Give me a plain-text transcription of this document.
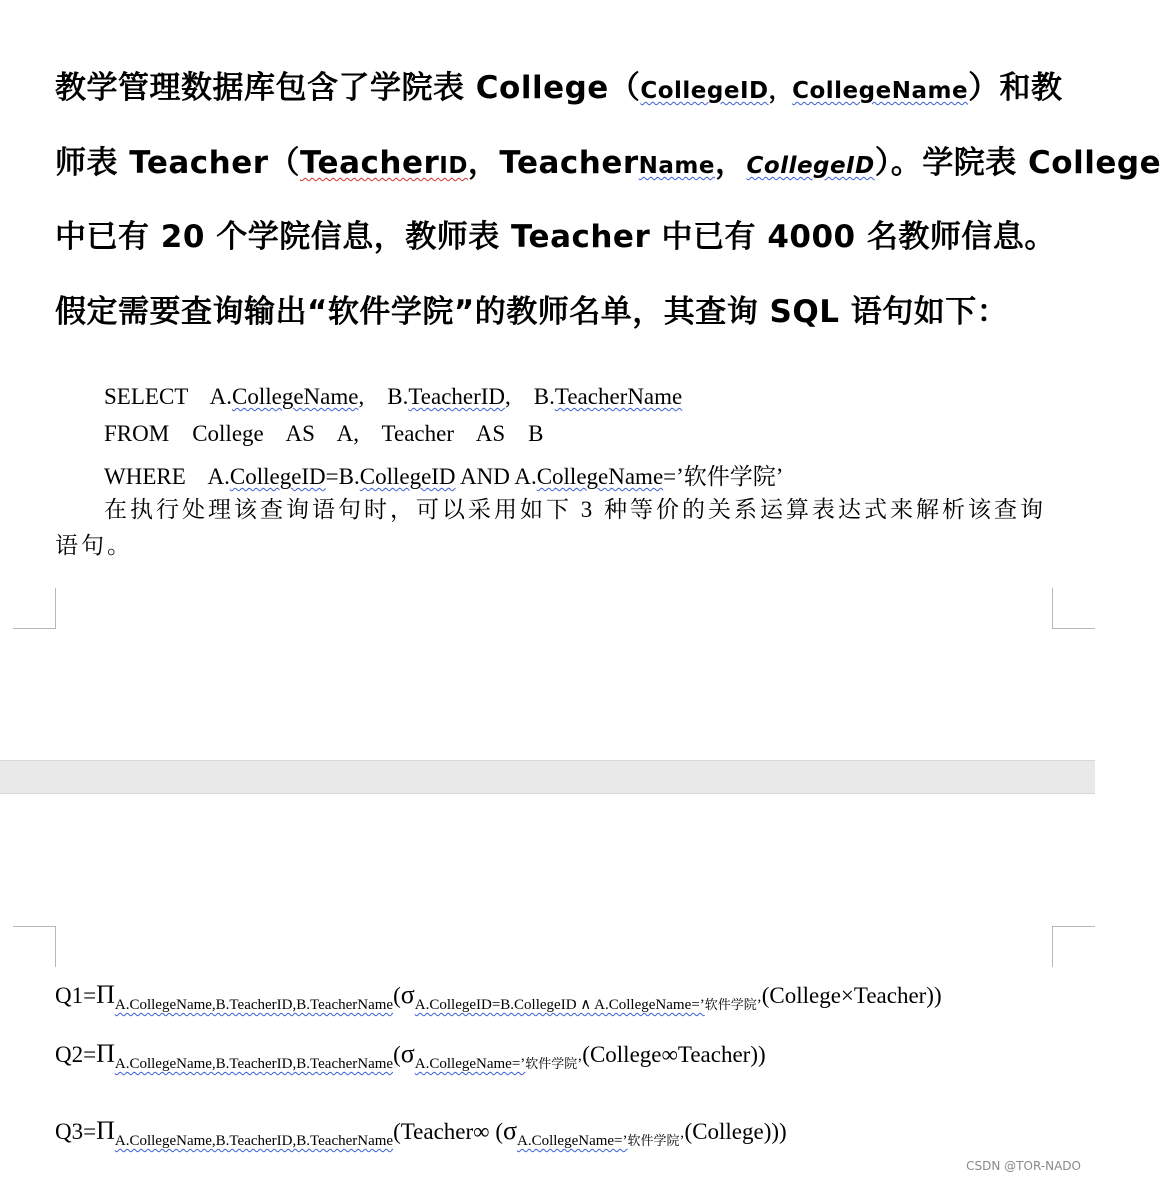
教学管理数据库包含了学院表 College（CollegeID，CollegeName）和教
师表 Teacher（TeacherID，TeacherName，CollegeID）。学院表 College
中已有 20 个学院信息，教师表 Teacher 中已有 4000 名教师信息。
假定需要查询输出“软件学院”的教师名单，其查询 SQL 语句如下：
SELECT    A.CollegeName,    B.TeacherID,    B.TeacherName
FROM    College    AS    A,    Teacher    AS    B
WHERE    A.CollegeID=B.CollegeID AND A.CollegeName=’软件学院’
在执行处理该查询语句时，可以采用如下 3 种等价的关系运算表达式来解析该查询语句。
$Q1=\Pi_{A.CollegeName,B.TeacherID,B.TeacherName}(\sigma_{A.CollegeID=B.CollegeID \wedge A.CollegeName=’软件学院’}(College\times Teacher))$
$Q2=\Pi_{A.CollegeName,B.TeacherID,B.TeacherName}(\sigma_{A.CollegeName=’软件学院’}(College\infty Teacher))$
$Q3=\Pi_{A.CollegeName,B.TeacherID,B.TeacherName}(Teacher\infty$ $(\sigma_{A.CollegeName=’软件学院’}(College))$)
CSDN @TOR-NADO
